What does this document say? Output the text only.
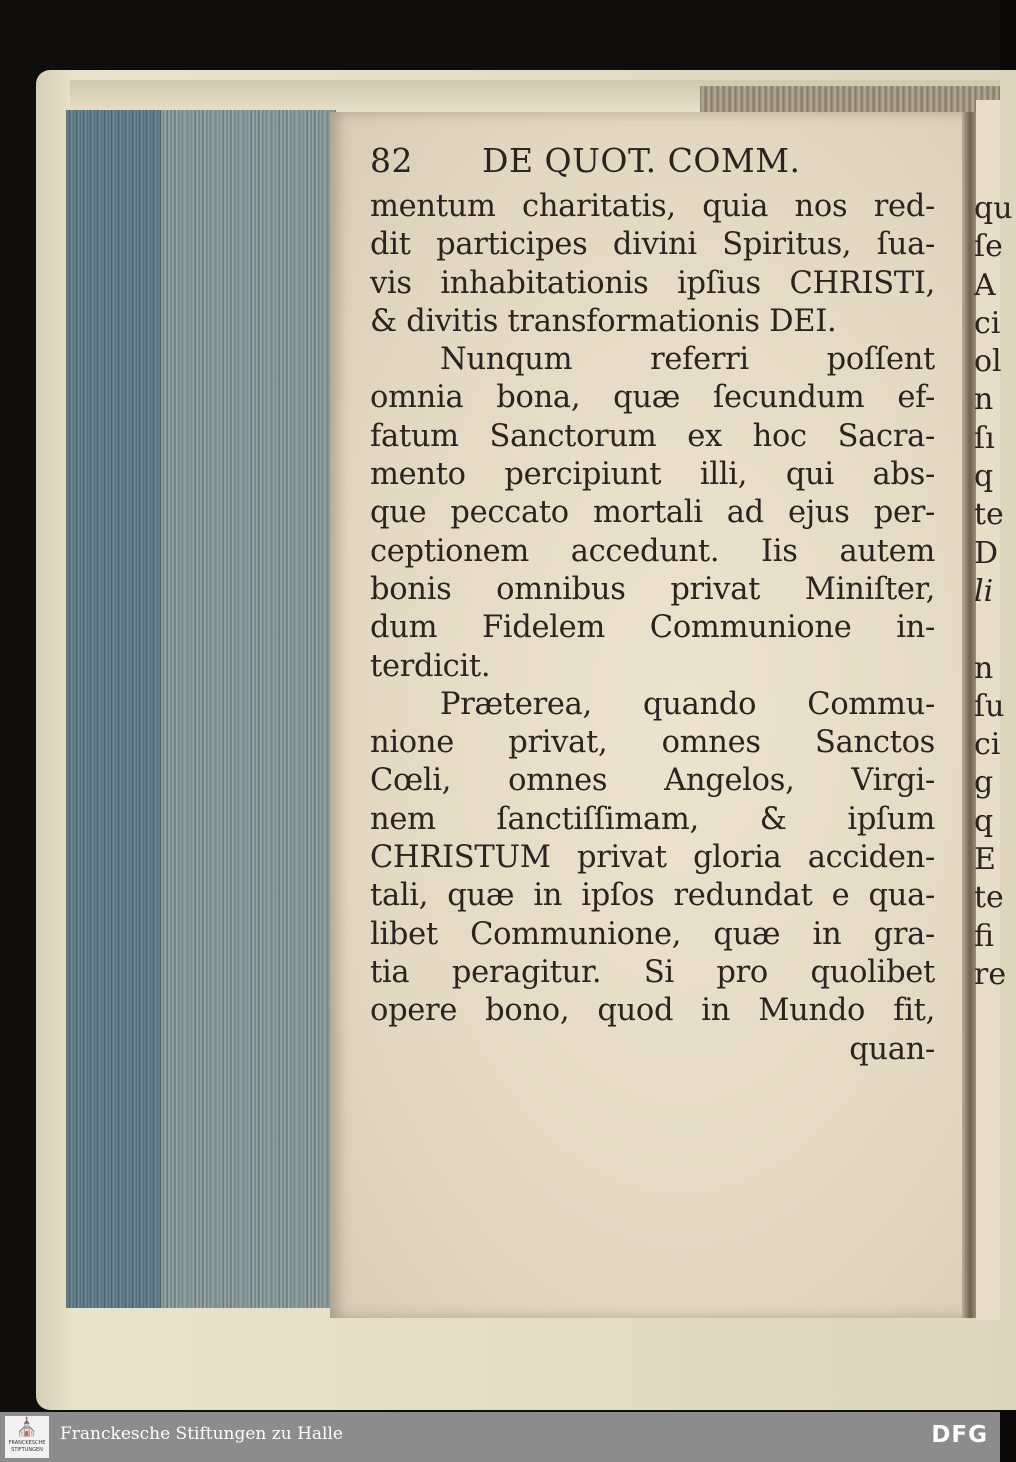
82 DE QUOT. COMM.
mentum charitatis, quia nos red-
dit participes divini Spiritus, ſua-
vis inhabitationis ipſius CHRISTI,
& divitis transformationis DEI.
Nunqum referri poſſent
omnia bona, quæ ſecundum ef-
fatum Sanctorum ex hoc Sacra-
mento percipiunt illi, qui abs-
que peccato mortali ad ejus per-
ceptionem accedunt. Iis autem
bonis omnibus privat Miniſter,
dum Fidelem Communione in-
terdicit.
Præterea, quando Commu-
nione privat, omnes Sanctos
Cœli, omnes Angelos, Virgi-
nem ſanctiſſimam, & ipſum
CHRISTUM privat gloria acciden-
tali, quæ in ipſos redundat e qua-
libet Communione, quæ in gra-
tia peragitur. Si pro quolibet
opere bono, quod in Mundo fit,
quan-
qu
ſe
A
ci
ol
n
ſı
q
te
D
li
n
ſu
ci
g
q
E
te
fi
re
⛪
FRANCKESCHE STIFTUNGEN
Franckesche Stiftungen zu Halle	DFG
